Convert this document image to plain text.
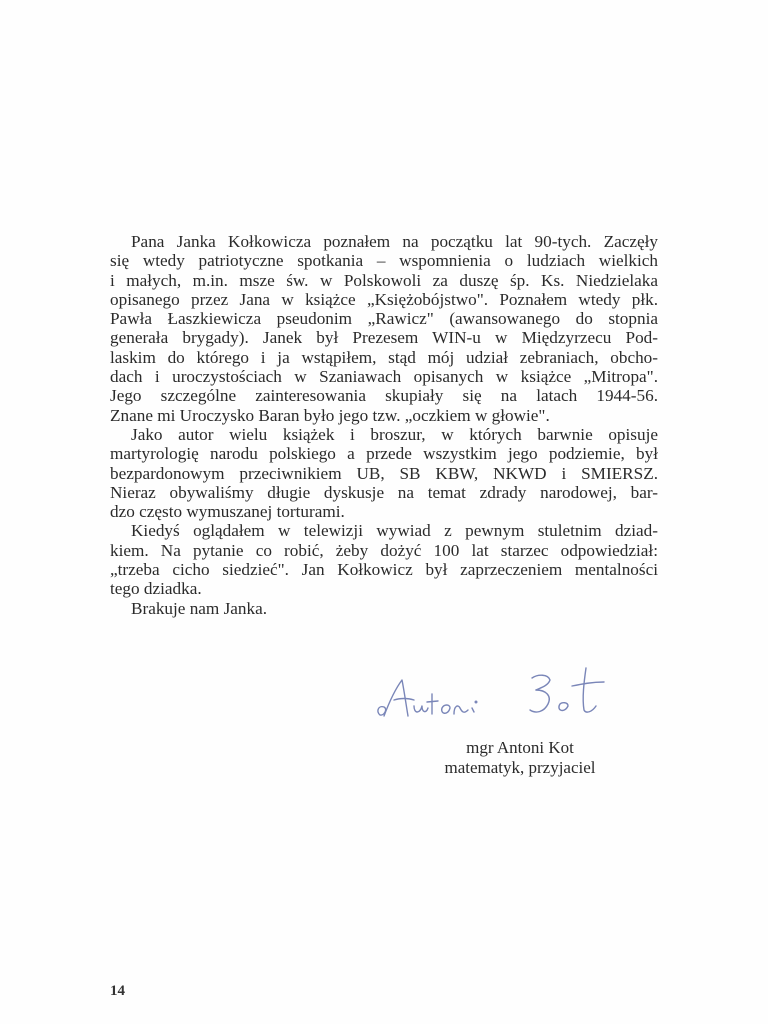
Pana Janka Kołkowicza poznałem na początku lat 90-tych. Zaczęły
się wtedy patriotyczne spotkania – wspomnienia o ludziach wielkich
i małych, m.in. msze św. w Polskowoli za duszę śp. Ks. Niedzielaka
opisanego przez Jana w książce „Księżobójstwo". Poznałem wtedy płk.
Pawła Łaszkiewicza pseudonim „Rawicz" (awansowanego do stopnia
generała brygady). Janek był Prezesem WIN-u w Międzyrzecu Pod-
laskim do którego i ja wstąpiłem, stąd mój udział zebraniach, obcho-
dach i uroczystościach w Szaniawach opisanych w książce „Mitropa".
Jego szczególne zainteresowania skupiały się na latach 1944-56.
Znane mi Uroczysko Baran było jego tzw. „oczkiem w głowie".
Jako autor wielu książek i broszur, w których barwnie opisuje
martyrologię narodu polskiego a przede wszystkim jego podziemie, był
bezpardonowym przeciwnikiem UB, SB KBW, NKWD i SMIERSZ.
Nieraz obywaliśmy długie dyskusje na temat zdrady narodowej, bar-
dzo często wymuszanej torturami.
Kiedyś oglądałem w telewizji wywiad z pewnym stuletnim dziad-
kiem. Na pytanie co robić, żeby dożyć 100 lat starzec odpowiedział:
„trzeba cicho siedzieć". Jan Kołkowicz był zaprzeczeniem mentalności
tego dziadka.
Brakuje nam Janka.
mgr Antoni Kot
matematyk, przyjaciel
14
